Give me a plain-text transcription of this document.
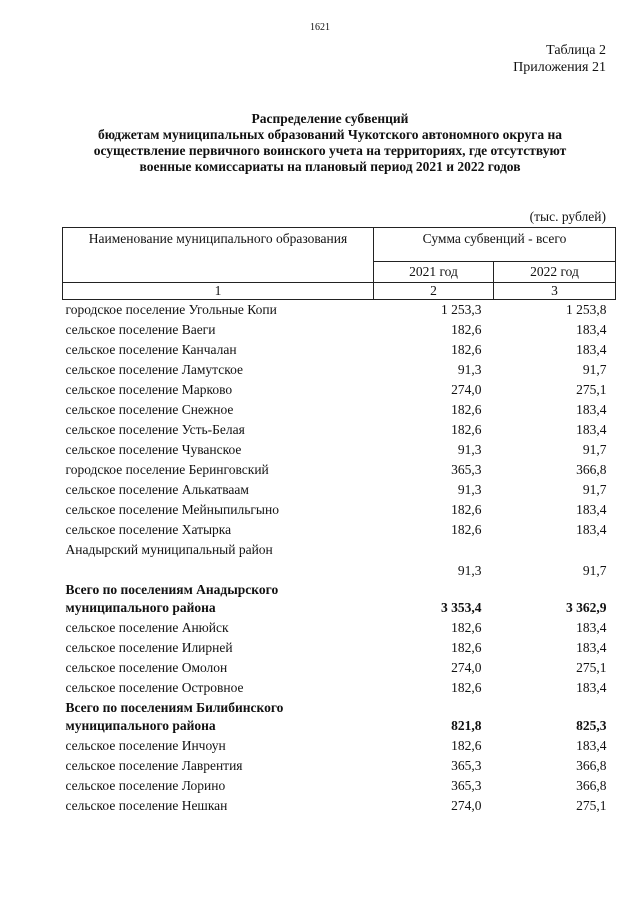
1621
Таблица 2
Приложения 21
Распределение субвенций
бюджетам муниципальных образований Чукотского автономного округа на
осуществление первичного воинского учета на территориях, где отсутствуют
военные комиссариаты на плановый период 2021 и 2022 годов
(тыс. рублей)
Наименование муниципального образования	Сумма субвенций - всего	
	2021 год	2022 год
1	2	3
городское поселение Угольные Копи	1 253,3	1 253,8
сельское поселение Ваеги	182,6	183,4
сельское поселение Канчалан	182,6	183,4
сельское поселение Ламутское	91,3	91,7
сельское поселение Марково	274,0	275,1
сельское поселение Снежное	182,6	183,4
сельское поселение Усть-Белая	182,6	183,4
сельское поселение Чуванское	91,3	91,7
городское поселение Беринговский	365,3	366,8
сельское поселение Алькатваам	91,3	91,7
сельское поселение Мейныпильгыно	182,6	183,4
сельское поселение Хатырка	182,6	183,4
Анадырский муниципальный район	91,3	91,7
Всего по поселениям Анадырского муниципального района	3 353,4	3 362,9
сельское поселение Анюйск	182,6	183,4
сельское поселение Илирней	182,6	183,4
сельское поселение Омолон	274,0	275,1
сельское поселение Островное	182,6	183,4
Всего по поселениям Билибинского муниципального района	821,8	825,3
сельское поселение Инчоун	182,6	183,4
сельское поселение Лаврентия	365,3	366,8
сельское поселение Лорино	365,3	366,8
сельское поселение Нешкан	274,0	275,1
